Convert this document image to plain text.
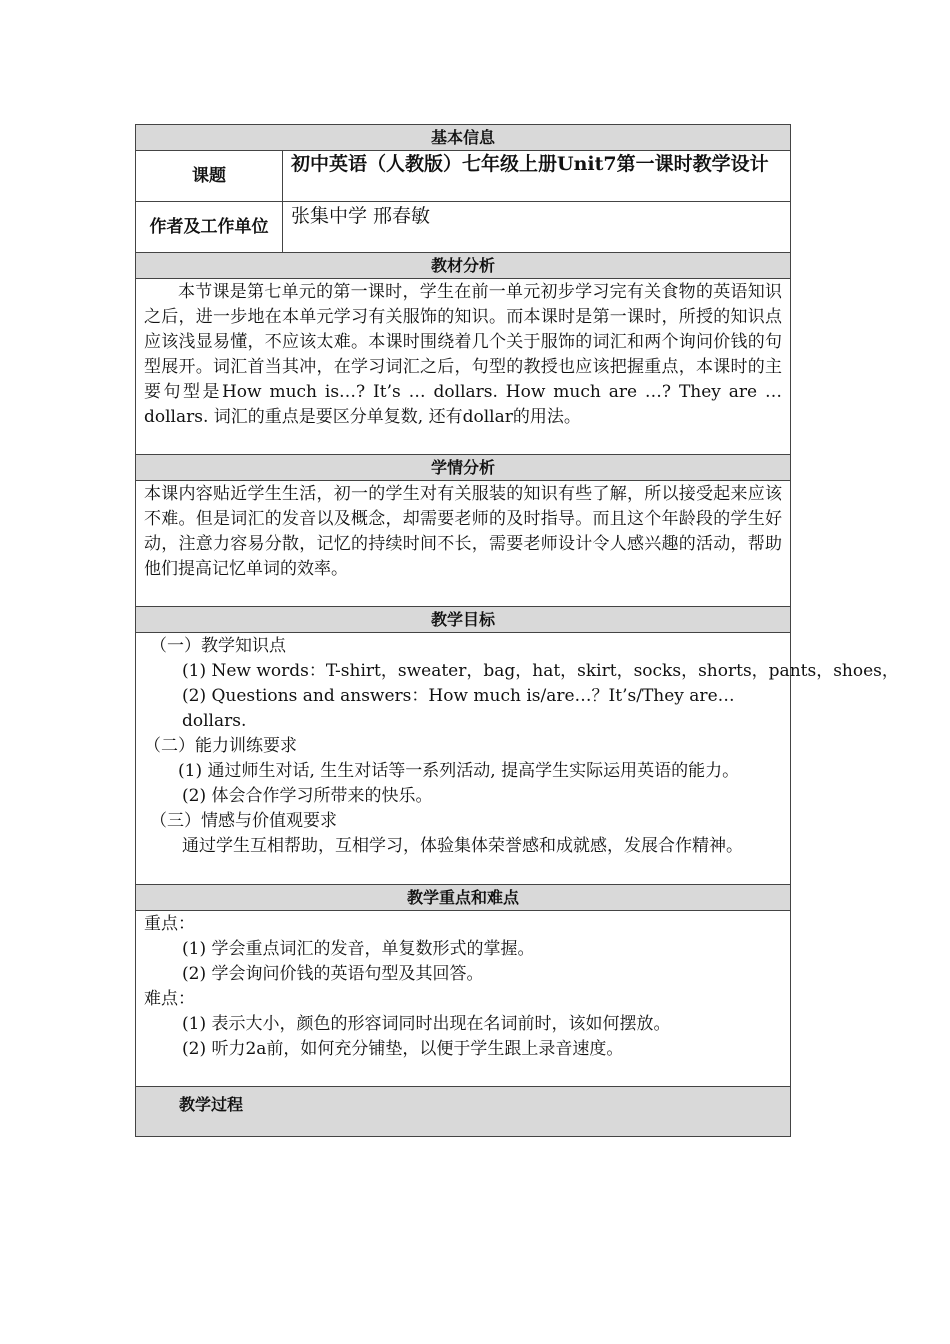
基本信息
课题
初中英语（人教版）七年级上册Unit7第一课时教学设计
作者及工作单位	张集中学 邢春敏
教材分析

本节课是第七单元的第一课时，学生在前一单元初步学习完有关食物的英语知识之后，进一步地在本单元学习有关服饰的知识。而本课时是第一课时，所授的知识点应该浅显易懂，不应该太难。本课时围绕着几个关于服饰的词汇和两个询问价钱的句型展开。词汇首当其冲，在学习词汇之后，句型的教授也应该把握重点，本课时的主要句型是How much is…? It’s … dollars. How much are …? They are …dollars. 词汇的重点是要区分单复数, 还有dollar的用法。

学情分析

本课内容贴近学生生活，初一的学生对有关服装的知识有些了解，所以接受起来应该不难。但是词汇的发音以及概念，却需要老师的及时指导。而且这个年龄段的学生好动，注意力容易分散，记忆的持续时间不长，需要老师设计令人感兴趣的活动，帮助他们提高记忆单词的效率。

教学目标

（一）教学知识点

(1) New words：T-shirt，sweater，bag，hat，skirt，socks，shorts，pants，shoes，

(2) Questions and answers：How much is/are…？It’s/They are…dollars.

（二）能力训练要求

(1) 通过师生对话, 生生对话等一系列活动, 提高学生实际运用英语的能力。

(2) 体会合作学习所带来的快乐。

（三）情感与价值观要求

通过学生互相帮助，互相学习，体验集体荣誉感和成就感，发展合作精神。

教学重点和难点

重点：

(1) 学会重点词汇的发音，单复数形式的掌握。

(2) 学会询问价钱的英语句型及其回答。

难点：

(1) 表示大小，颜色的形容词同时出现在名词前时，该如何摆放。

(2) 听力2a前，如何充分铺垫，以便于学生跟上录音速度。

教学过程
